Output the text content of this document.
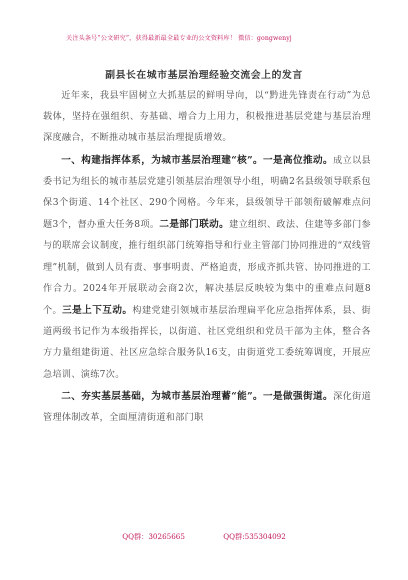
关注头条号“公文研究”，获得最新最全最专业的公文资料库！ 微信：gongwenyj
副县长在城市基层治理经验交流会上的发言

近年来，我县牢固树立大抓基层的鲜明导向，以“黔进先锋责在行动”为总载体，坚持在强组织、夯基础、增合力上用力，积极推进基层党建与基层治理深度融合，不断推动城市基层治理提质增效。

一、构建指挥体系，为城市基层治理建“核”。一是高位推动。成立以县委书记为组长的城市基层党建引领基层治理领导小组，明确2名县级领导联系包保3个街道、14个社区、290个网格。今年来，县级领导干部领衔破解难点问题3个，督办重大任务8项。二是部门联动。建立组织、政法、住建等多部门参与的联席会议制度，推行组织部门统筹指导和行业主管部门协同推进的“双线管理”机制，做到人员有责、事事明责、严格追责，形成齐抓共管、协同推进的工作合力。2024年开展联动会商2次，解决基层反映较为集中的重难点问题8个。三是上下互动。构建党建引领城市基层治理扁平化应急指挥体系，县、街道两级书记作为本级指挥长，以街道、社区党组织和党员干部为主体，整合各方力量组建街道、社区应急综合服务队16支，由街道党工委统筹调度，开展应急培训、演练7次。

二、夯实基层基础，为城市基层治理蓄“能”。一是做强街道。深化街道管理体制改革，全面厘清街道和部门职

QQ群：30265665	QQ群:535304092
